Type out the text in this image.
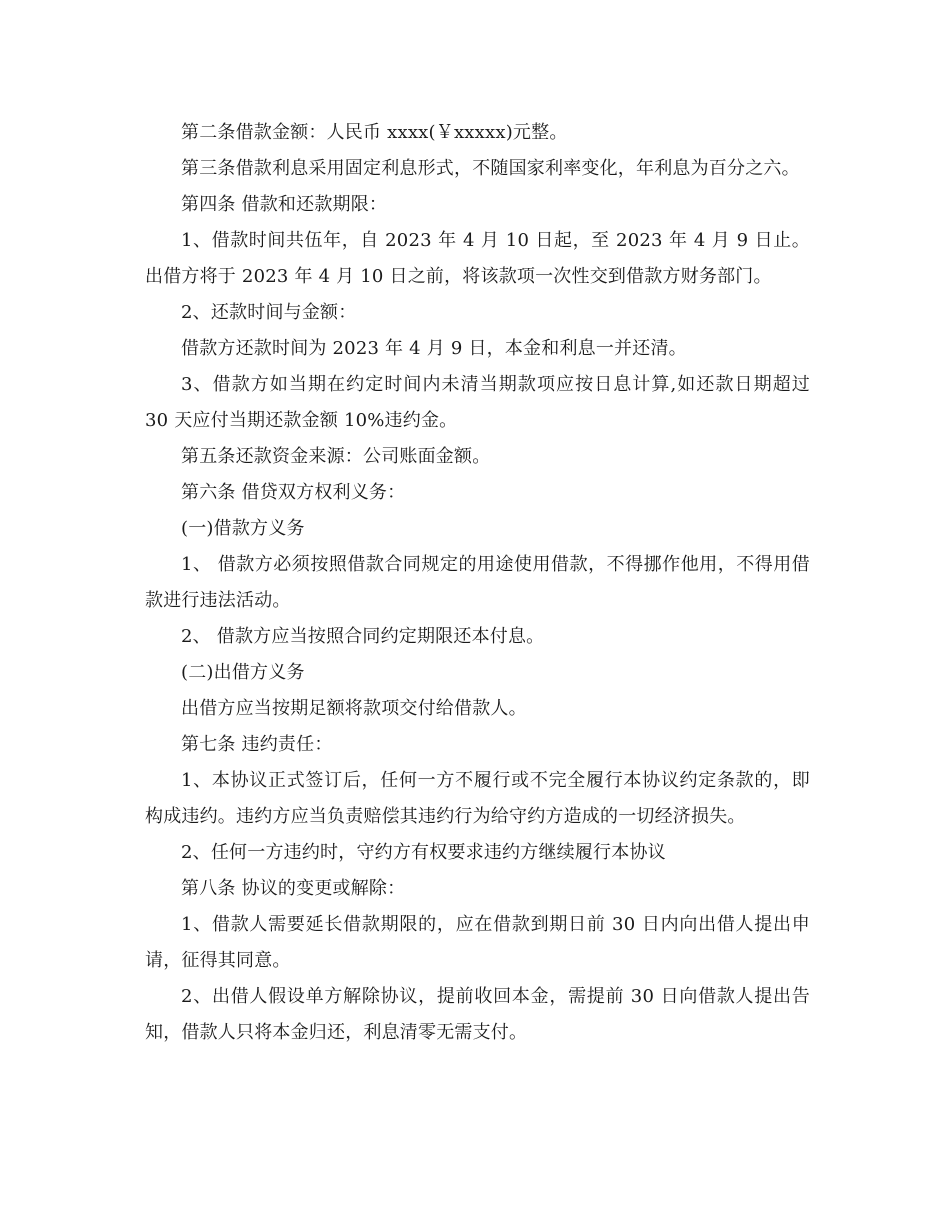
第二条借款金额：人民币 xxxx(￥xxxxx)元整。

第三条借款利息采用固定利息形式，不随国家利率变化，年利息为百分之六。

第四条 借款和还款期限：

1、借款时间共伍年，自 2023 年 4 月 10 日起，至 2023 年 4 月 9 日止。出借方将于 2023 年 4 月 10 日之前，将该款项一次性交到借款方财务部门。

2、还款时间与金额：

借款方还款时间为 2023 年 4 月 9 日，本金和利息一并还清。

3、借款方如当期在约定时间内未清当期款项应按日息计算,如还款日期超过 30 天应付当期还款金额 10%违约金。

第五条还款资金来源：公司账面金额。

第六条 借贷双方权利义务：

(一)借款方义务

1、 借款方必须按照借款合同规定的用途使用借款，不得挪作他用，不得用借款进行违法活动。

2、 借款方应当按照合同约定期限还本付息。

(二)出借方义务

出借方应当按期足额将款项交付给借款人。

第七条 违约责任：

1、本协议正式签订后，任何一方不履行或不完全履行本协议约定条款的，即构成违约。违约方应当负责赔偿其违约行为给守约方造成的一切经济损失。

2、任何一方违约时，守约方有权要求违约方继续履行本协议

第八条 协议的变更或解除：

1、借款人需要延长借款期限的，应在借款到期日前 30 日内向出借人提出申请，征得其同意。

2、出借人假设单方解除协议，提前收回本金，需提前 30 日向借款人提出告知，借款人只将本金归还，利息清零无需支付。
